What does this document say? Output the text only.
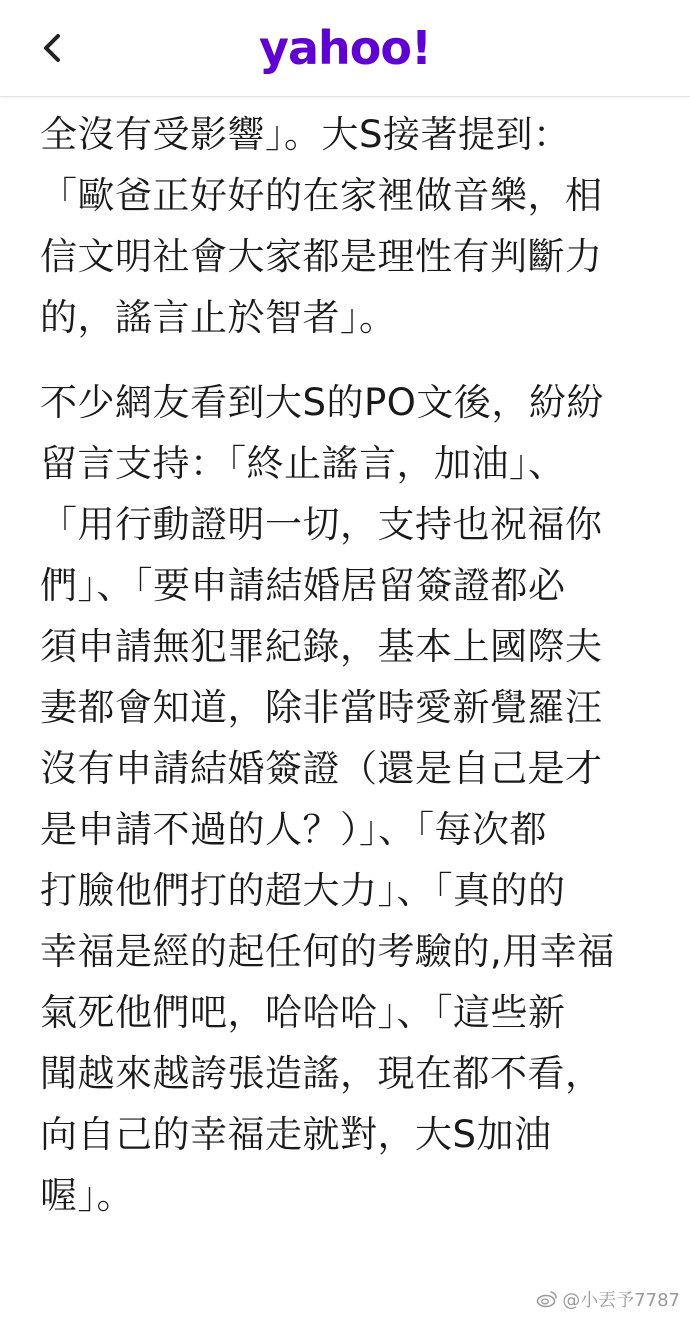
yahoo!
全沒有受影響」。大S接著提到：
「歐爸正好好的在家裡做音樂，相
信文明社會大家都是理性有判斷力
的，謠言止於智者」。
不少網友看到大S的PO文後，紛紛
留言支持：「終止謠言，加油」、
「用行動證明一切，支持也祝福你
們」、「要申請結婚居留簽證都必
須申請無犯罪紀錄，基本上國際夫
妻都會知道，除非當時愛新覺羅汪
沒有申請結婚簽證（還是自己是才
是申請不過的人？）」、「每次都
打臉他們打的超大力」、「真的的
幸福是經的起任何的考驗的,用幸福
氣死他們吧，哈哈哈」、「這些新
聞越來越誇張造謠，現在都不看，
向自己的幸福走就對，大S加油
喔」。
@小丟予7787
